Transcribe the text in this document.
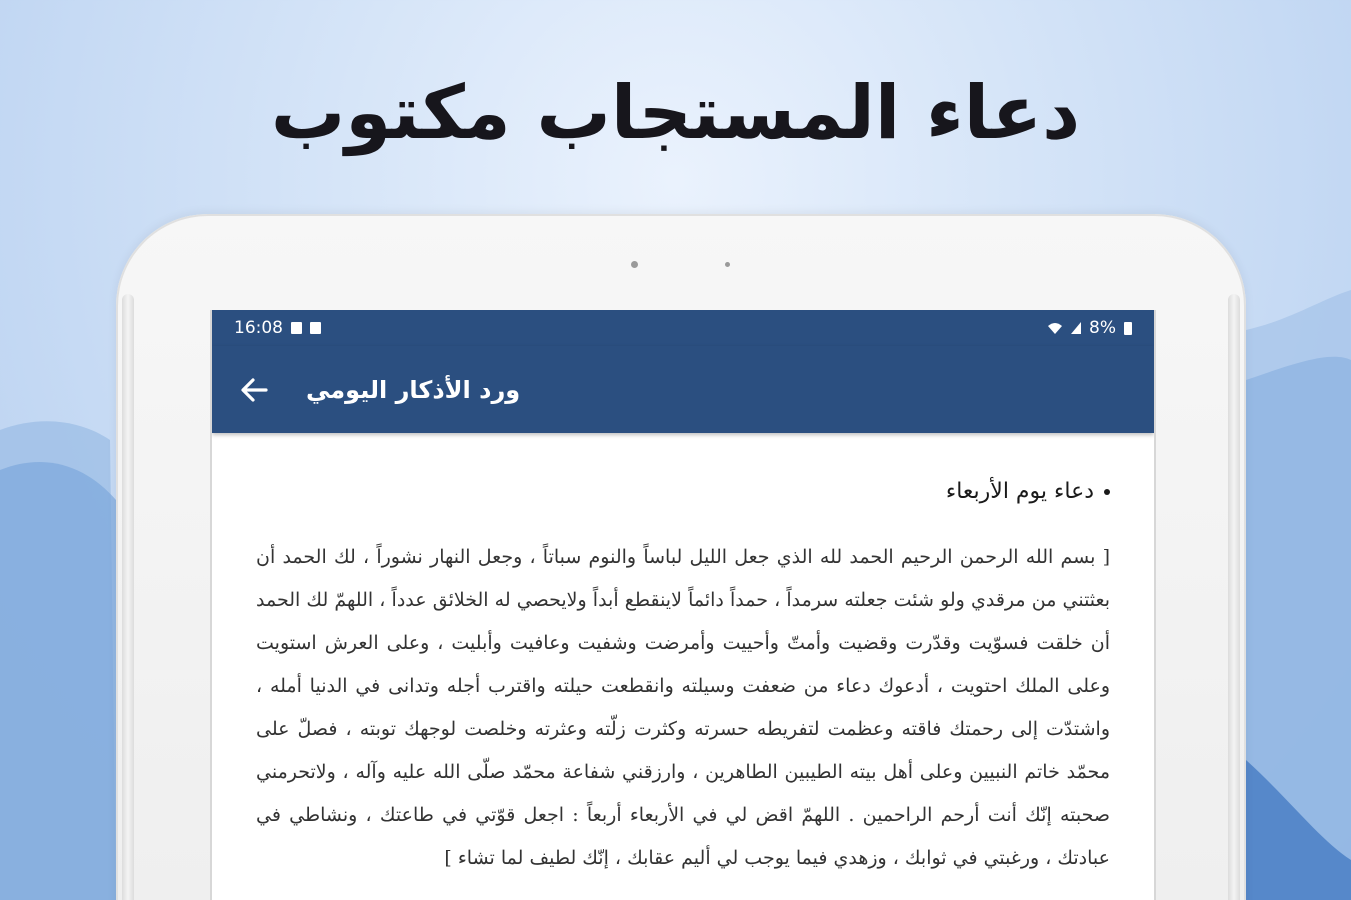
دعاء المستجاب مكتوب
16:08	8%
ورد الأذكار اليومي
دعاء يوم الأربعاء
[ بسم الله الرحمن الرحيم الحمد لله الذي جعل الليل لباساً والنوم سباتاً ، وجعل النهار نشوراً ، لك الحمد أن بعثتني من مرقدي ولو شئت جعلته سرمداً ، حمداً دائماً لاينقطع أبداً ولايحصي له الخلائق عدداً ، اللهمّ لك الحمد أن خلقت فسوّيت وقدّرت وقضيت وأمتّ وأحييت وأمرضت وشفيت وعافيت وأبليت ، وعلى العرش استويت وعلى الملك احتويت ، أدعوك دعاء من ضعفت وسيلته وانقطعت حيلته واقترب أجله وتدانى في الدنيا أمله ، واشتدّت إلى رحمتك فاقته وعظمت لتفريطه حسرته وكثرت زلّته وعثرته وخلصت لوجهك توبته ، فصلّ على محمّد خاتم النبيين وعلى أهل بيته الطيبين الطاهرين ، وارزقني شفاعة محمّد صلّى الله عليه وآله ، ولاتحرمني صحبته إنّك أنت أرحم الراحمين . اللهمّ اقض لي في الأربعاء أربعاً : اجعل قوّتي في طاعتك ، ونشاطي في عبادتك ، ورغبتي في ثوابك ، وزهدي فيما يوجب لي أليم عقابك ، إنّك لطيف لما تشاء ]
